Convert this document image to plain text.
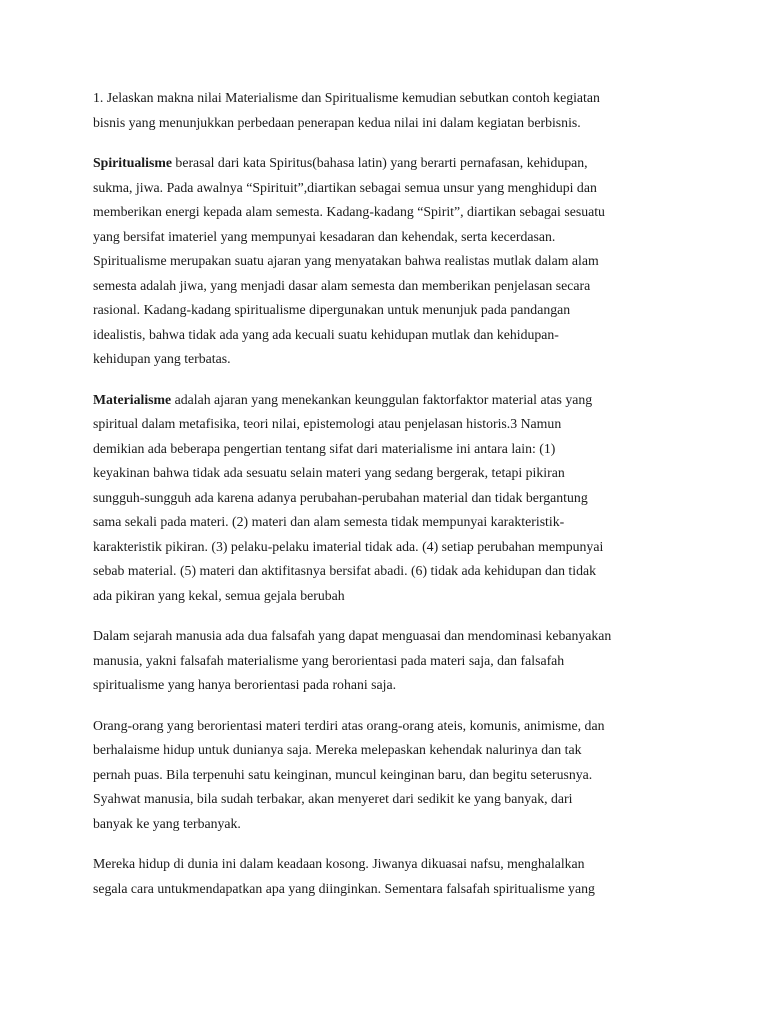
1. Jelaskan makna nilai Materialisme dan Spiritualisme kemudian sebutkan contoh kegiatan
bisnis yang menunjukkan perbedaan penerapan kedua nilai ini dalam kegiatan berbisnis.

Spiritualisme berasal dari kata Spiritus(bahasa latin) yang berarti pernafasan, kehidupan,
sukma, jiwa. Pada awalnya “Spirituit”,diartikan sebagai semua unsur yang menghidupi dan
memberikan energi kepada alam semesta. Kadang-kadang “Spirit”, diartikan sebagai sesuatu
yang bersifat imateriel yang mempunyai kesadaran dan kehendak, serta kecerdasan.
Spiritualisme merupakan suatu ajaran yang menyatakan bahwa realistas mutlak dalam alam
semesta adalah jiwa, yang menjadi dasar alam semesta dan memberikan penjelasan secara
rasional. Kadang-kadang spiritualisme dipergunakan untuk menunjuk pada pandangan
idealistis, bahwa tidak ada yang ada kecuali suatu kehidupan mutlak dan kehidupan-
kehidupan yang terbatas.

Materialisme adalah ajaran yang menekankan keunggulan faktorfaktor material atas yang
spiritual dalam metafisika, teori nilai, epistemologi atau penjelasan historis.3 Namun
demikian ada beberapa pengertian tentang sifat dari materialisme ini antara lain: (1)
keyakinan bahwa tidak ada sesuatu selain materi yang sedang bergerak, tetapi pikiran
sungguh-sungguh ada karena adanya perubahan-perubahan material dan tidak bergantung
sama sekali pada materi. (2) materi dan alam semesta tidak mempunyai karakteristik-
karakteristik pikiran. (3) pelaku-pelaku imaterial tidak ada. (4) setiap perubahan mempunyai
sebab material. (5) materi dan aktifitasnya bersifat abadi. (6) tidak ada kehidupan dan tidak
ada pikiran yang kekal, semua gejala berubah

Dalam sejarah manusia ada dua falsafah yang dapat menguasai dan mendominasi kebanyakan
manusia, yakni falsafah materialisme yang berorientasi pada materi saja, dan falsafah
spiritualisme yang hanya berorientasi pada rohani saja.

Orang-orang yang berorientasi materi terdiri atas orang-orang ateis, komunis, animisme, dan
berhalaisme hidup untuk dunianya saja. Mereka melepaskan kehendak nalurinya dan tak
pernah puas. Bila terpenuhi satu keinginan, muncul keinginan baru, dan begitu seterusnya.
Syahwat manusia, bila sudah terbakar, akan menyeret dari sedikit ke yang banyak, dari
banyak ke yang terbanyak.

Mereka hidup di dunia ini dalam keadaan kosong. Jiwanya dikuasai nafsu, menghalalkan
segala cara untukmendapatkan apa yang diinginkan. Sementara falsafah spiritualisme yang
